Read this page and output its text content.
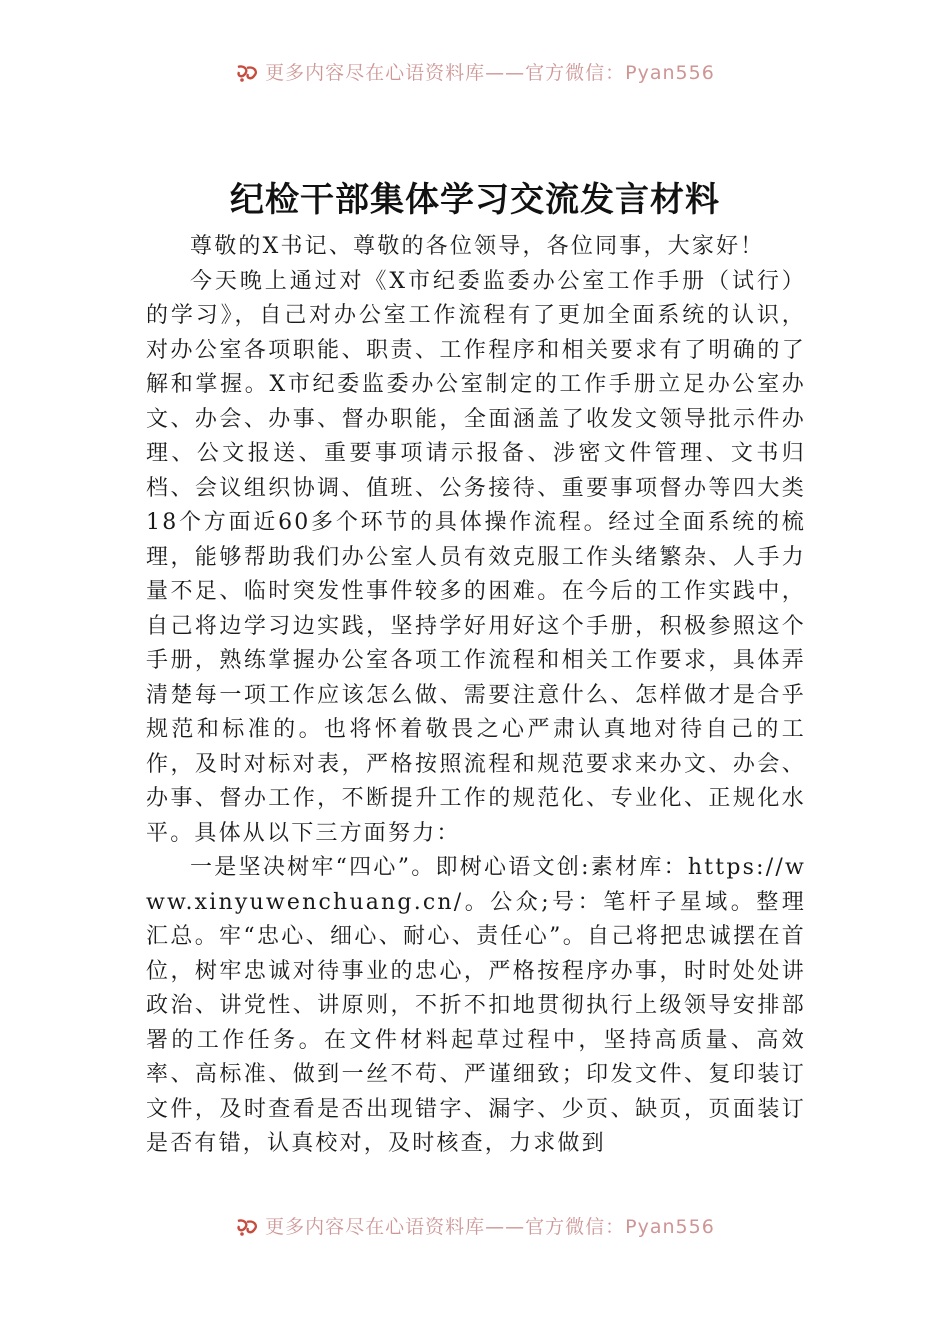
更多内容尽在心语资料库——官方微信：Pyan556
纪检干部集体学习交流发言材料

尊敬的X书记、尊敬的各位领导，各位同事，大家好！

今天晚上通过对《X市纪委监委办公室工作手册（试行）的学习》，自己对办公室工作流程有了更加全面系统的认识，对办公室各项职能、职责、工作程序和相关要求有了明确的了解和掌握。X市纪委监委办公室制定的工作手册立足办公室办文、办会、办事、督办职能，全面涵盖了收发文领导批示件办理、公文报送、重要事项请示报备、涉密文件管理、文书归档、会议组织协调、值班、公务接待、重要事项督办等四大类18个方面近60多个环节的具体操作流程。经过全面系统的梳理，能够帮助我们办公室人员有效克服工作头绪繁杂、人手力量不足、临时突发性事件较多的困难。在今后的工作实践中，自己将边学习边实践，坚持学好用好这个手册，积极参照这个手册，熟练掌握办公室各项工作流程和相关工作要求，具体弄清楚每一项工作应该怎么做、需要注意什么、怎样做才是合乎规范和标准的。也将怀着敬畏之心严肃认真地对待自己的工作，及时对标对表，严格按照流程和规范要求来办文、办会、办事、督办工作，不断提升工作的规范化、专业化、正规化水平。具体从以下三方面努力：

一是坚决树牢“四心”。即树心语文创:素材库：https://www.xinyuwenchuang.cn/。公众;号：笔杆子星域。整理汇总。牢“忠心、细心、耐心、责任心”。自己将把忠诚摆在首位，树牢忠诚对待事业的忠心，严格按程序办事，时时处处讲政治、讲党性、讲原则，不折不扣地贯彻执行上级领导安排部署的工作任务。在文件材料起草过程中，坚持高质量、高效率、高标准、做到一丝不苟、严谨细致；印发文件、复印装订文件，及时查看是否出现错字、漏字、少页、缺页，页面装订是否有错，认真校对，及时核查，力求做到

更多内容尽在心语资料库——官方微信：Pyan556
